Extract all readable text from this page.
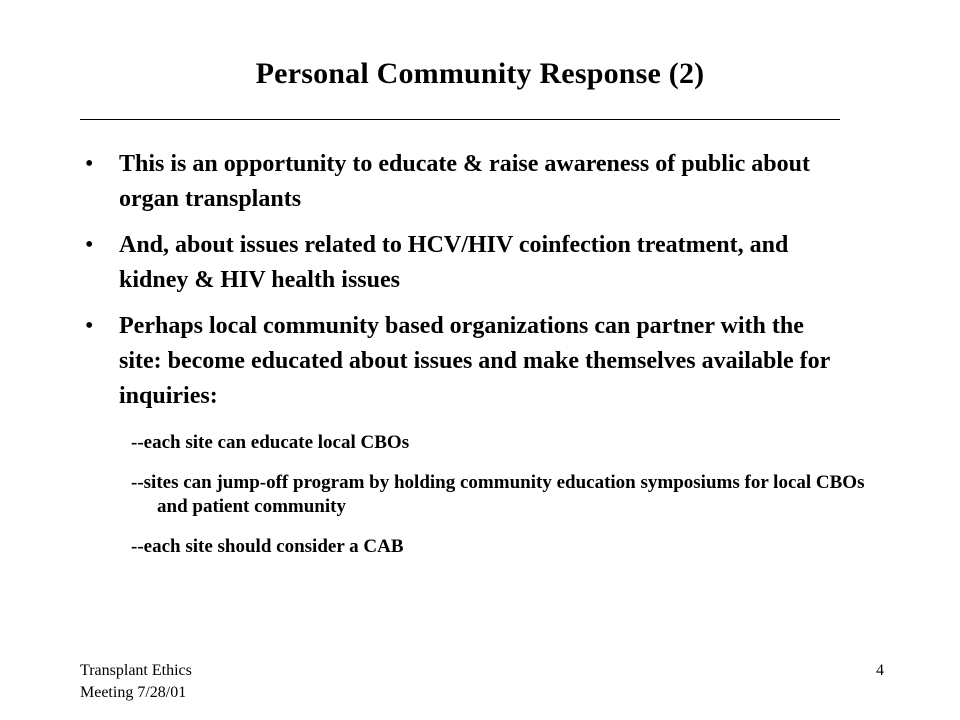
Personal Community Response (2)
• This is an opportunity to educate & raise awareness of public about organ transplants
• And, about issues related to HCV/HIV coinfection treatment, and kidney & HIV health issues
• Perhaps local community based organizations can partner with the site: become educated about issues and make themselves available for inquiries:
--each site can educate local CBOs
--sites can jump-off program by holding community education symposiums for local CBOs and patient community
--each site should consider a CAB
Transplant Ethics
Meeting 7/28/01
4
